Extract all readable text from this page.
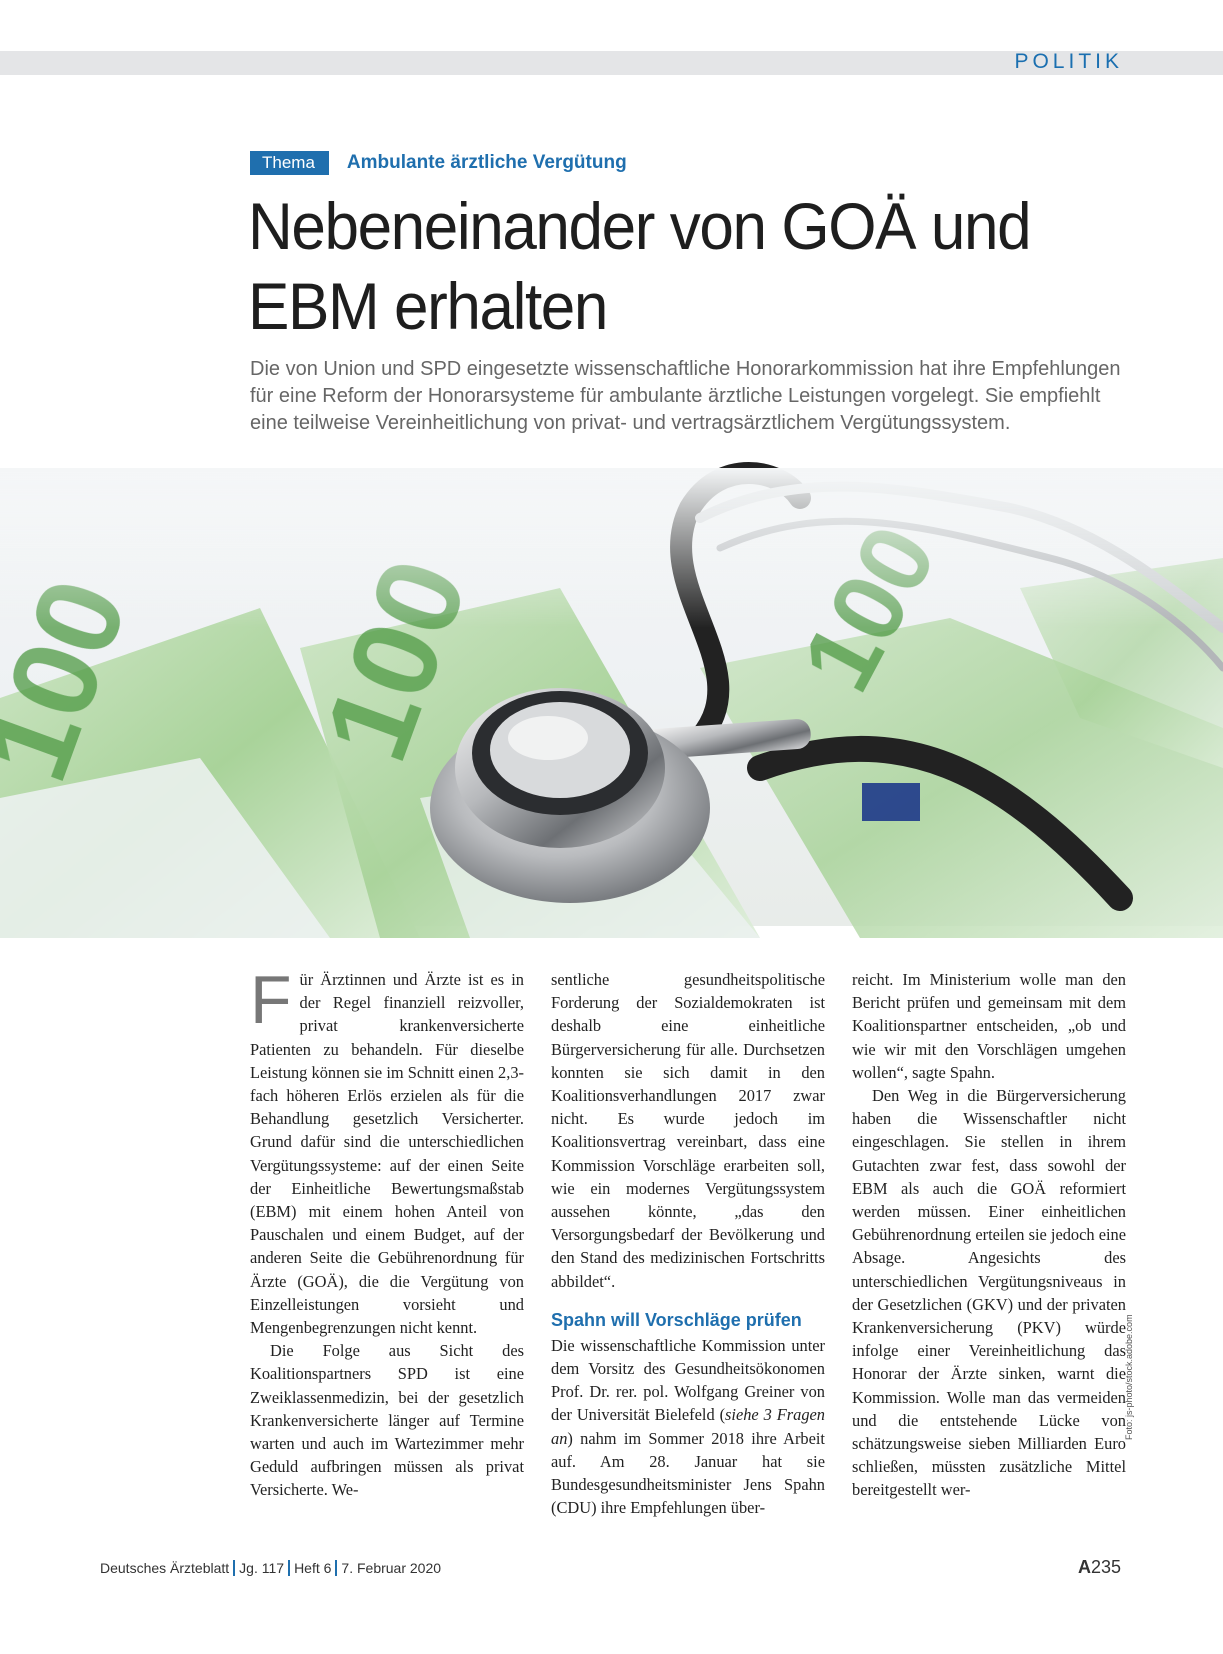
POLITIK
Thema	Ambulante ärztliche Vergütung
Nebeneinander von GOÄ und
EBM erhalten

Die von Union und SPD eingesetzte wissenschaftliche Honorarkommission hat ihre Empfehlungen für eine Reform der Honorarsysteme für ambulante ärztliche Leistungen vorgelegt. Sie empfiehlt eine teilweise Vereinheitlichung von privat- und vertragsärztlichem Vergütungssystem.

Foto: js-photo/stock.adobe.com

Für Ärztinnen und Ärzte ist es in der Regel finanziell reizvoller, privat krankenversicherte Patienten zu behandeln. Für dieselbe Leistung können sie im Schnitt einen 2,3-fach höheren Erlös erzielen als für die Behandlung gesetzlich Versicherter. Grund dafür sind die unterschiedlichen Vergütungssysteme: auf der einen Seite der Einheitliche Bewertungsmaßstab (EBM) mit einem hohen Anteil von Pauschalen und einem Budget, auf der anderen Seite die Gebührenordnung für Ärzte (GOÄ), die die Vergütung von Einzelleistungen vorsieht und Mengenbegrenzungen nicht kennt.

Die Folge aus Sicht des Koalitionspartners SPD ist eine Zweiklassenmedizin, bei der gesetzlich Krankenversicherte länger auf Termine warten und auch im Wartezimmer mehr Geduld aufbringen müssen als privat Versicherte. We-

sentliche gesundheitspolitische Forderung der Sozialdemokraten ist deshalb eine einheitliche Bürgerversicherung für alle. Durchsetzen konnten sie sich damit in den Koalitionsverhandlungen 2017 zwar nicht. Es wurde jedoch im Koalitionsvertrag vereinbart, dass eine Kommission Vorschläge erarbeiten soll, wie ein modernes Vergütungssystem aussehen könnte, „das den Versorgungsbedarf der Bevölkerung und den Stand des medizinischen Fortschritts abbildet“.

Spahn will Vorschläge prüfen

Die wissenschaftliche Kommission unter dem Vorsitz des Gesundheitsökonomen Prof. Dr. rer. pol. Wolfgang Greiner von der Universität Bielefeld (siehe 3 Fragen an) nahm im Sommer 2018 ihre Arbeit auf. Am 28. Januar hat sie Bundesgesundheitsminister Jens Spahn (CDU) ihre Empfehlungen über-

reicht. Im Ministerium wolle man den Bericht prüfen und gemeinsam mit dem Koalitionspartner entscheiden, „ob und wie wir mit den Vorschlägen umgehen wollen“, sagte Spahn.

Den Weg in die Bürgerversicherung haben die Wissenschaftler nicht eingeschlagen. Sie stellen in ihrem Gutachten zwar fest, dass sowohl der EBM als auch die GOÄ reformiert werden müssen. Einer einheitlichen Gebührenordnung erteilen sie jedoch eine Absage. Angesichts des unterschiedlichen Vergütungsniveaus in der Gesetzlichen (GKV) und der privaten Krankenversicherung (PKV) würde infolge einer Vereinheitlichung das Honorar der Ärzte sinken, warnt die Kommission. Wolle man das vermeiden und die entstehende Lücke von schätzungsweise sieben Milliarden Euro schließen, müssten zusätzliche Mittel bereitgestellt wer-

Deutsches Ärzteblatt Jg. 117 Heft 6 7. Februar 2020	A235
